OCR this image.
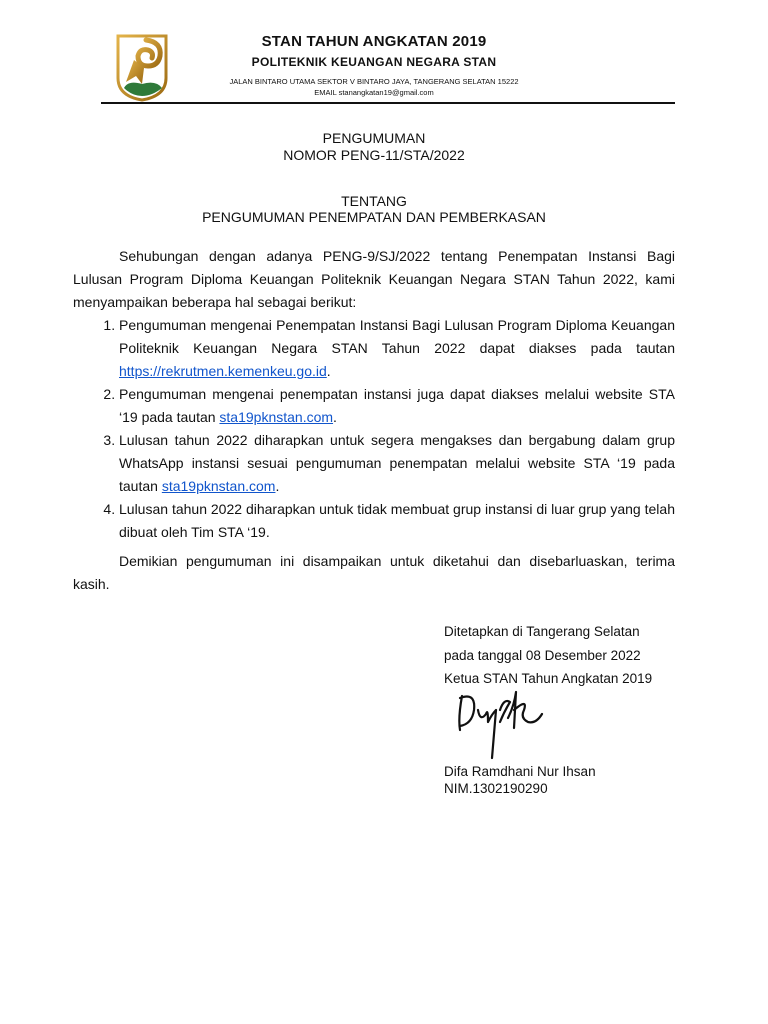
STAN TAHUN ANGKATAN 2019
POLITEKNIK KEUANGAN NEGARA STAN
JALAN BINTARO UTAMA SEKTOR V BINTARO JAYA, TANGERANG SELATAN 15222
EMAIL stanangkatan19@gmail.com
PENGUMUMAN
NOMOR PENG-11/STA/2022
TENTANG
PENGUMUMAN PENEMPATAN DAN PEMBERKASAN

Sehubungan dengan adanya PENG-9/SJ/2022 tentang Penempatan Instansi Bagi Lulusan Program Diploma Keuangan Politeknik Keuangan Negara STAN Tahun 2022, kami menyampaikan beberapa hal sebagai berikut:

1. Pengumuman mengenai Penempatan Instansi Bagi Lulusan Program Diploma Keuangan Politeknik Keuangan Negara STAN Tahun 2022 dapat diakses pada tautan https://rekrutmen.kemenkeu.go.id.
2. Pengumuman mengenai penempatan instansi juga dapat diakses melalui website STA ‘19 pada tautan sta19pknstan.com.
3. Lulusan tahun 2022 diharapkan untuk segera mengakses dan bergabung dalam grup WhatsApp instansi sesuai pengumuman penempatan melalui website STA ‘19 pada tautan sta19pknstan.com.
4. Lulusan tahun 2022 diharapkan untuk tidak membuat grup instansi di luar grup yang telah dibuat oleh Tim STA ‘19.

Demikian pengumuman ini disampaikan untuk diketahui dan disebarluaskan, terima kasih.

Ditetapkan di Tangerang Selatan
pada tanggal 08 Desember 2022
Ketua STAN Tahun Angkatan 2019
Difa Ramdhani Nur Ihsan
NIM.1302190290
